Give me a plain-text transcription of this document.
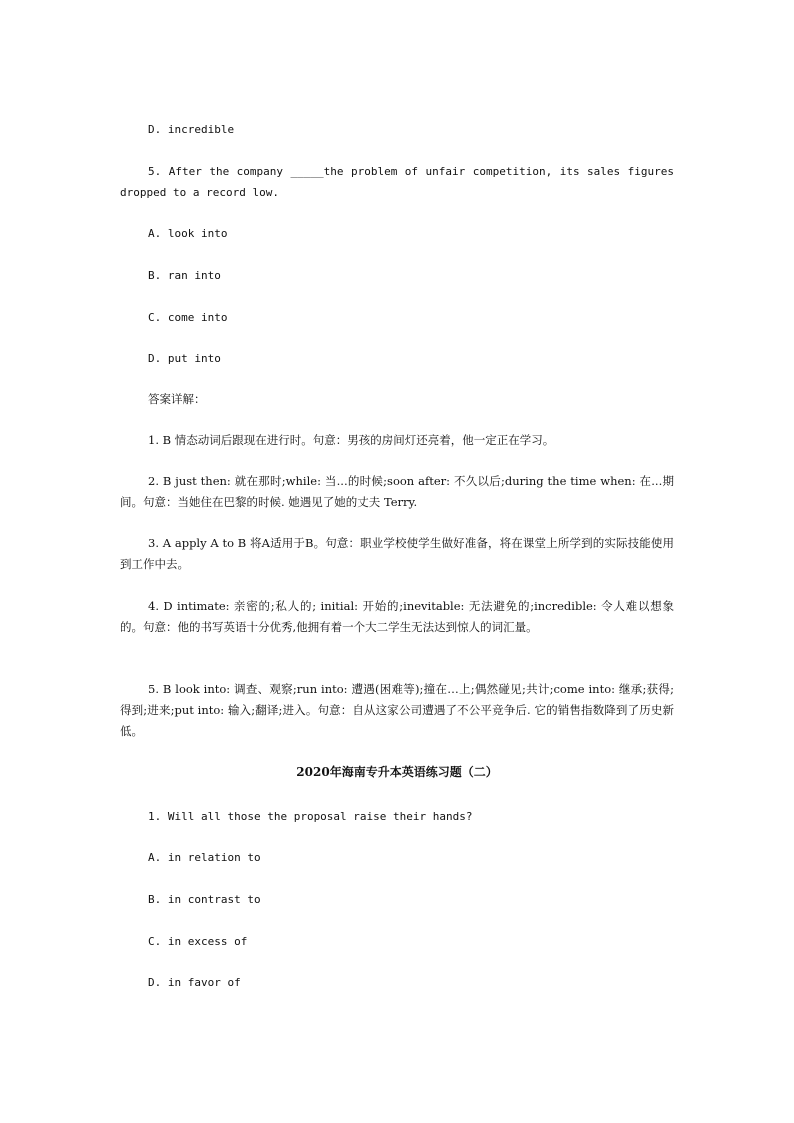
D. incredible

5. After the company _____the problem of unfair competition, its sales figures dropped to a record low.

A. look into

B. ran into

C. come into

D. put into

答案详解：

1. B 情态动词后跟现在进行时。句意：男孩的房间灯还亮着，他一定正在学习。

2. B just then: 就在那时;while: 当...的时候;soon after: 不久以后;during the time when: 在...期间。句意：当她住在巴黎的时候. 她遇见了她的丈夫 Terry.

3. A apply A to B 将A适用于B。句意：职业学校使学生做好准备，将在课堂上所学到的实际技能使用到工作中去。

4. D intimate: 亲密的;私人的; initial: 开始的;inevitable: 无法避免的;incredible: 令人难以想象的。句意：他的书写英语十分优秀,他拥有着一个大二学生无法达到惊人的词汇量。

5. B look into: 调查、观察;run into: 遭遇(困难等);撞在…上;偶然碰见;共计;come into: 继承;获得;得到;进来;put into: 输入;翻译;进入。句意：自从这家公司遭遇了不公平竞争后. 它的销售指数降到了历史新低。

2020年海南专升本英语练习题（二）

1. Will all those the proposal raise their hands?

A. in relation to

B. in contrast to

C. in excess of

D. in favor of
